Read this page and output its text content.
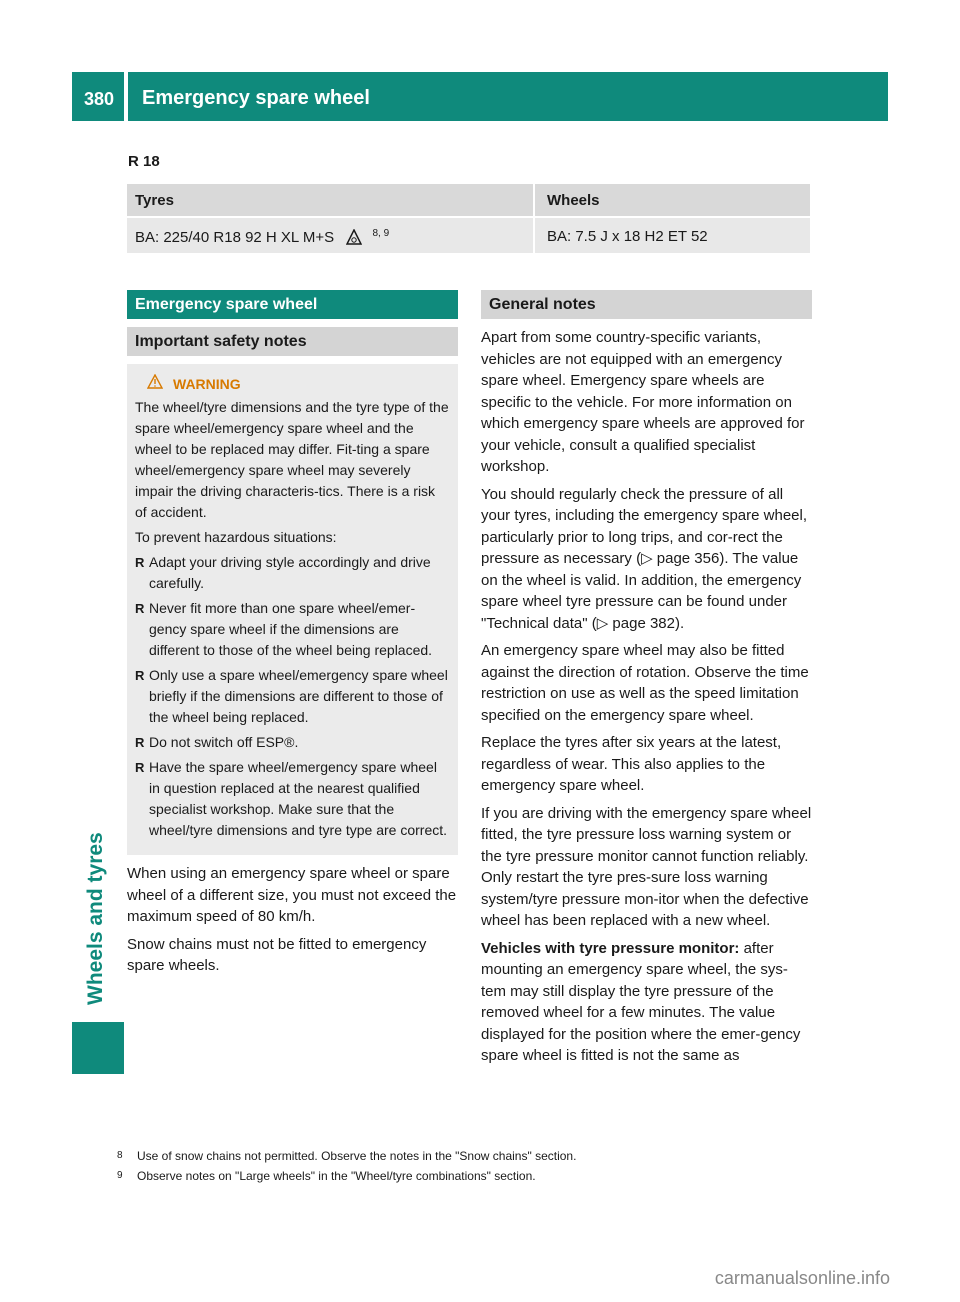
380 Emergency spare wheel
Wheels and tyres
R 18
Tyres	Wheels
BA: 225/40 R18 92 H XL M+S	$^{8, 9}$	BA: 7.5 J x 18 H2 ET 52
Emergency spare wheel
Important safety notes
WARNING

The wheel/tyre dimensions and the tyre type of the spare wheel/emergency spare wheel and the wheel to be replaced may differ. Fit-ting a spare wheel/emergency spare wheel may severely impair the driving characteris-tics. There is a risk of accident.

To prevent hazardous situations:

R Adapt your driving style accordingly and drive carefully.
R Never fit more than one spare wheel/emer-gency spare wheel if the dimensions are different to those of the wheel being replaced.
R Only use a spare wheel/emergency spare wheel briefly if the dimensions are different to those of the wheel being replaced.
R Do not switch off ESP®.
R Have the spare wheel/emergency spare wheel in question replaced at the nearest qualified specialist workshop. Make sure that the wheel/tyre dimensions and tyre type are correct.

When using an emergency spare wheel or spare wheel of a different size, you must not exceed the maximum speed of 80 km/h.

Snow chains must not be fitted to emergency spare wheels.

General notes

Apart from some country-specific variants, vehicles are not equipped with an emergency spare wheel. Emergency spare wheels are specific to the vehicle. For more information on which emergency spare wheels are approved for your vehicle, consult a qualified specialist workshop.

You should regularly check the pressure of all your tyres, including the emergency spare wheel, particularly prior to long trips, and cor-rect the pressure as necessary (▷ page 356). The value on the wheel is valid. In addition, the emergency spare wheel tyre pressure can be found under "Technical data" (▷ page 382).

An emergency spare wheel may also be fitted against the direction of rotation. Observe the time restriction on use as well as the speed limitation specified on the emergency spare wheel.

Replace the tyres after six years at the latest, regardless of wear. This also applies to the emergency spare wheel.

If you are driving with the emergency spare wheel fitted, the tyre pressure loss warning system or the tyre pressure monitor cannot function reliably. Only restart the tyre pres-sure loss warning system/tyre pressure mon-itor when the defective wheel has been replaced with a new wheel.

Vehicles with tyre pressure monitor: after mounting an emergency spare wheel, the sys-tem may still display the tyre pressure of the removed wheel for a few minutes. The value displayed for the position where the emer-gency spare wheel is fitted is not the same as

8	Use of snow chains not permitted. Observe the notes in the "Snow chains" section.
9	Observe notes on "Large wheels" in the "Wheel/tyre combinations" section.
carmanualsonline.info
